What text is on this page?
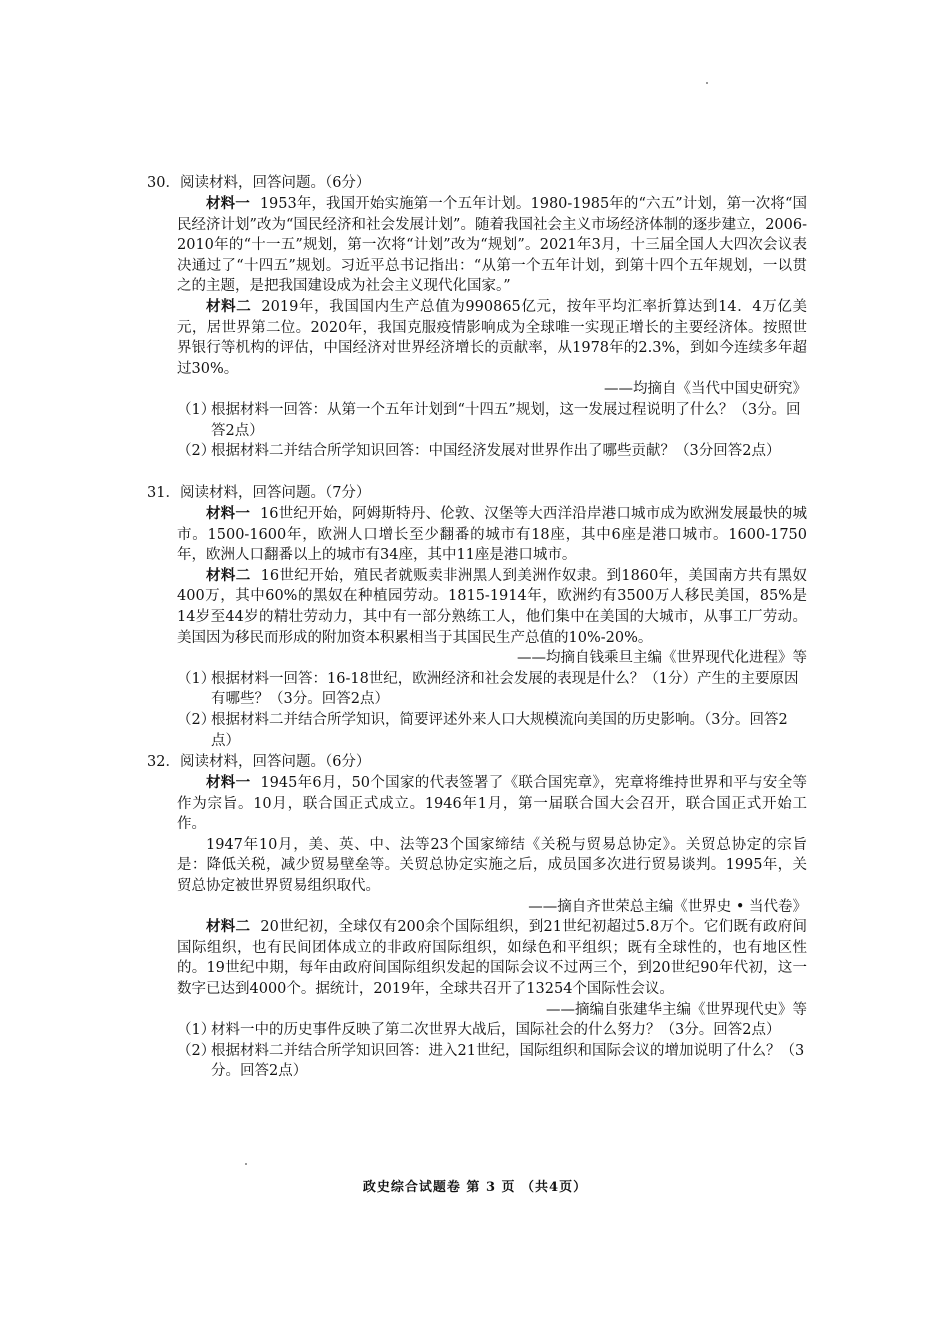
30．阅读材料，回答问题。（6分）

材料一 1953年，我国开始实施第一个五年计划。1980-1985年的“六五”计划，第一次将“国民经济计划”改为“国民经济和社会发展计划”。随着我国社会主义市场经济体制的逐步建立，2006-2010年的“十一五”规划，第一次将“计划”改为“规划”。2021年3月，十三届全国人大四次会议表决通过了“十四五”规划。习近平总书记指出：“从第一个五年计划，到第十四个五年规划，一以贯之的主题，是把我国建设成为社会主义现代化国家。”

材料二 2019年，我国国内生产总值为990865亿元，按年平均汇率折算达到14．4万亿美元，居世界第二位。2020年，我国克服疫情影响成为全球唯一实现正增长的主要经济体。按照世界银行等机构的评估，中国经济对世界经济增长的贡献率，从1978年的2.3%，到如今连续多年超过30%。

——均摘自《当代中国史研究》

（1）
根据材料一回答：从第一个五年计划到“十四五”规划，这一发展过程说明了什么？（3分。回答2点）

（2）
根据材料二并结合所学知识回答：中国经济发展对世界作出了哪些贡献？（3分回答2点）

31．阅读材料，回答问题。（7分）

材料一 16世纪开始，阿姆斯特丹、伦敦、汉堡等大西洋沿岸港口城市成为欧洲发展最快的城市。1500-1600年，欧洲人口增长至少翻番的城市有18座，其中6座是港口城市。1600-1750年，欧洲人口翻番以上的城市有34座，其中11座是港口城市。

材料二 16世纪开始，殖民者就贩卖非洲黑人到美洲作奴隶。到1860年，美国南方共有黑奴400万，其中60%的黑奴在种植园劳动。1815-1914年，欧洲约有3500万人移民美国，85%是14岁至44岁的精壮劳动力，其中有一部分熟练工人，他们集中在美国的大城市，从事工厂劳动。美国因为移民而形成的附加资本积累相当于其国民生产总值的10%-20%。

——均摘自钱乘旦主编《世界现代化进程》等

（1）
根据材料一回答：16-18世纪，欧洲经济和社会发展的表现是什么？（1分）产生的主要原因有哪些？（3分。回答2点）

（2）
根据材料二并结合所学知识，简要评述外来人口大规模流向美国的历史影响。（3分。回答2点）

32．阅读材料，回答问题。（6分）

材料一 1945年6月，50个国家的代表签署了《联合国宪章》，宪章将维持世界和平与安全等作为宗旨。10月，联合国正式成立。1946年1月，第一届联合国大会召开，联合国正式开始工作。

1947年10月，美、英、中、法等23个国家缔结《关税与贸易总协定》。关贸总协定的宗旨是：降低关税，减少贸易壁垒等。关贸总协定实施之后，成员国多次进行贸易谈判。1995年，关贸总协定被世界贸易组织取代。

——摘自齐世荣总主编《世界史 • 当代卷》

材料二 20世纪初，全球仅有200余个国际组织，到21世纪初超过5.8万个。它们既有政府间国际组织，也有民间团体成立的非政府国际组织，如绿色和平组织；既有全球性的，也有地区性的。19世纪中期，每年由政府间国际组织发起的国际会议不过两三个，到20世纪90年代初，这一数字已达到4000个。据统计，2019年，全球共召开了13254个国际性会议。

——摘编自张建华主编《世界现代史》等

（1）
材料一中的历史事件反映了第二次世界大战后，国际社会的什么努力？（3分。回答2点）

（2）
根据材料二并结合所学知识回答：进入21世纪，国际组织和国际会议的增加说明了什么？（3分。回答2点）

政史综合试题卷 第 3 页 （共4页）
